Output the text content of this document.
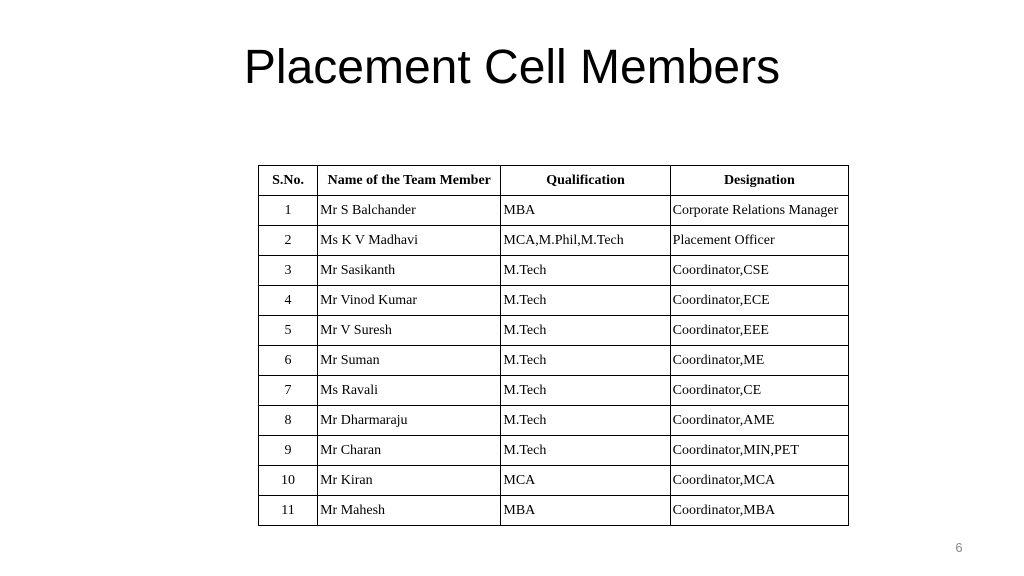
Placement Cell Members
S.No.	Name of the Team Member	Qualification	Designation
1	Mr S Balchander	MBA	Corporate Relations Manager
2	Ms K V Madhavi	MCA,M.Phil,M.Tech	Placement Officer
3	Mr Sasikanth	M.Tech	Coordinator,CSE
4	Mr Vinod Kumar	M.Tech	Coordinator,ECE
5	Mr V Suresh	M.Tech	Coordinator,EEE
6	Mr Suman	M.Tech	Coordinator,ME
7	Ms Ravali	M.Tech	Coordinator,CE
8	Mr Dharmaraju	M.Tech	Coordinator,AME
9	Mr Charan	M.Tech	Coordinator,MIN,PET
10	Mr Kiran	MCA	Coordinator,MCA
11	Mr Mahesh	MBA	Coordinator,MBA
6
